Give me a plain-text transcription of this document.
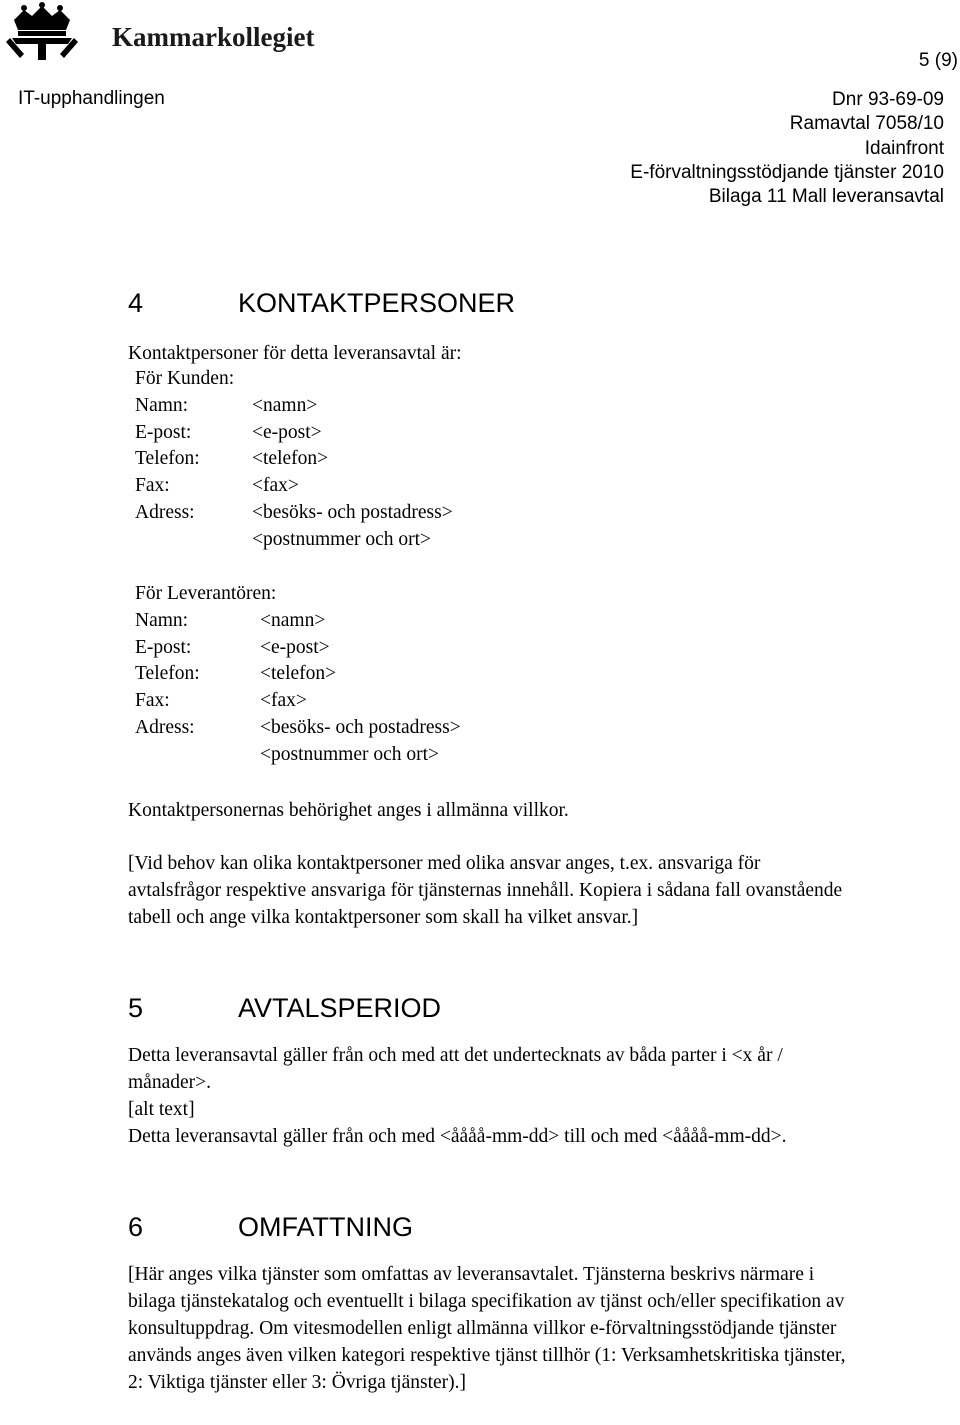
Kammarkollegiet
5 (9)
IT-upphandlingen	Dnr 93-69-09
Ramavtal 7058/10
Idainfront
E-förvaltningsstödjande tjänster 2010
Bilaga 11 Mall leveransavtal
4	KONTAKTPERSONER
Kontaktpersoner för detta leveransavtal är:
För Kunden:
Namn:	<namn>
E-post:	<e-post>
Telefon:	<telefon>
Fax:	<fax>
Adress:	<besöks- och postadress>
<postnummer och ort>
För Leverantören:
Namn:	<namn>
E-post:	<e-post>
Telefon:	<telefon>
Fax:	<fax>
Adress:	<besöks- och postadress>
<postnummer och ort>
Kontaktpersonernas behörighet anges i allmänna villkor.
[Vid behov kan olika kontaktpersoner med olika ansvar anges, t.ex. ansvariga för avtalsfrågor respektive ansvariga för tjänsternas innehåll. Kopiera i sådana fall ovanstående tabell och ange vilka kontaktpersoner som skall ha vilket ansvar.]
5	AVTALSPERIOD
Detta leveransavtal gäller från och med att det undertecknats av båda parter i <x år / månader>.
[alt text]
Detta leveransavtal gäller från och med <åååå-mm-dd> till och med <åååå-mm-dd>.
6	OMFATTNING
[Här anges vilka tjänster som omfattas av leveransavtalet. Tjänsterna beskrivs närmare i bilaga tjänstekatalog och eventuellt i bilaga specifikation av tjänst och/eller specifikation av konsultuppdrag. Om vitesmodellen enligt allmänna villkor e-förvaltningsstödjande tjänster används anges även vilken kategori respektive tjänst tillhör (1: Verksamhetskritiska tjänster, 2: Viktiga tjänster eller 3: Övriga tjänster).]
